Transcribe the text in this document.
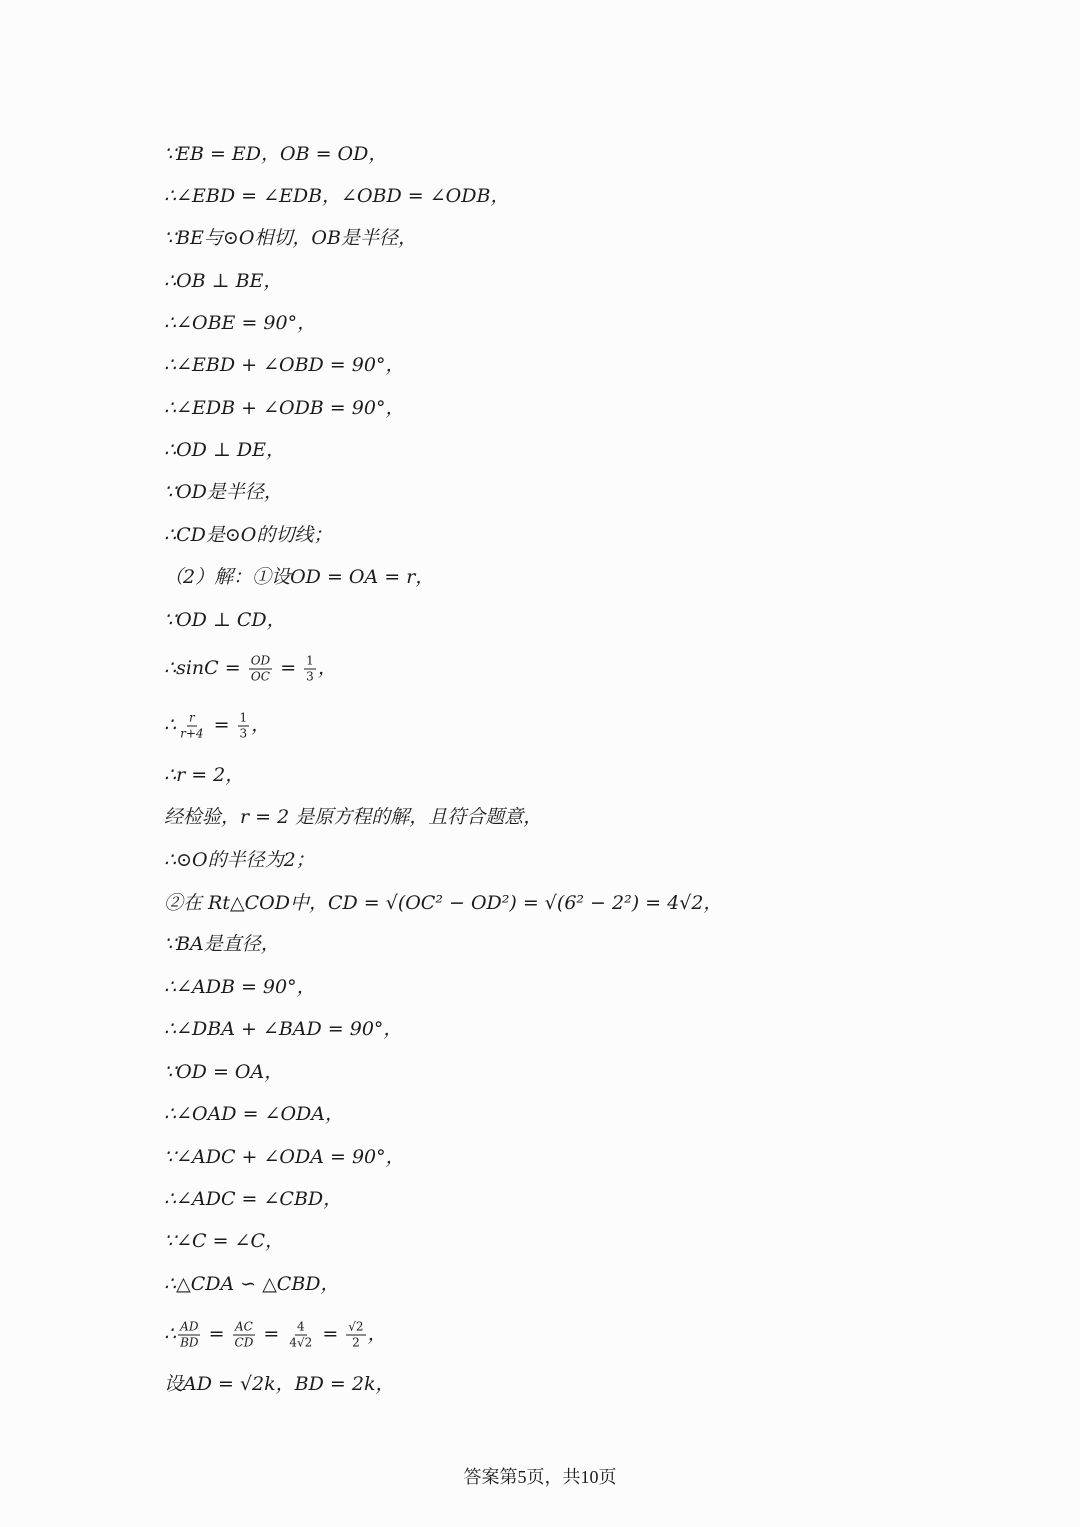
∵EB = ED，OB = OD，
∴∠EBD = ∠EDB，∠OBD = ∠ODB，
∵BE与⊙O相切，OB是半径，
∴OB ⊥ BE，
∴∠OBE = 90°，
∴∠EBD + ∠OBD = 90°，
∴∠EDB + ∠ODB = 90°，
∴OD ⊥ DE，
∵OD是半径，
∴CD是⊙O的切线；
（2）解：①设OD = OA = r，
∵OD ⊥ CD，
∴sinC = $\frac{OD}{OC} = \frac{1}{3}$ ，
∴ $\frac{r}{r+4} = \frac{1}{3}$ ，
∴r = 2，
经检验，r = 2 是原方程的解，且符合题意，
∴⊙O的半径为2；
②在 Rt△COD中，CD = √(OC² − OD²) = √(6² − 2²) = 4√2，
∵BA是直径，
∴∠ADB = 90°，
∴∠DBA + ∠BAD = 90°，
∵OD = OA，
∴∠OAD = ∠ODA，
∵∠ADC + ∠ODA = 90°，
∴∠ADC = ∠CBD，
∵∠C = ∠C，
∴△CDA ∽ △CBD，
∴ $\frac{AD}{BD} = \frac{AC}{CD} = \frac{4}{4√2} = \frac{√2}{2}$ ，
设AD = √2k，BD = 2k，
答案第5页，共10页
